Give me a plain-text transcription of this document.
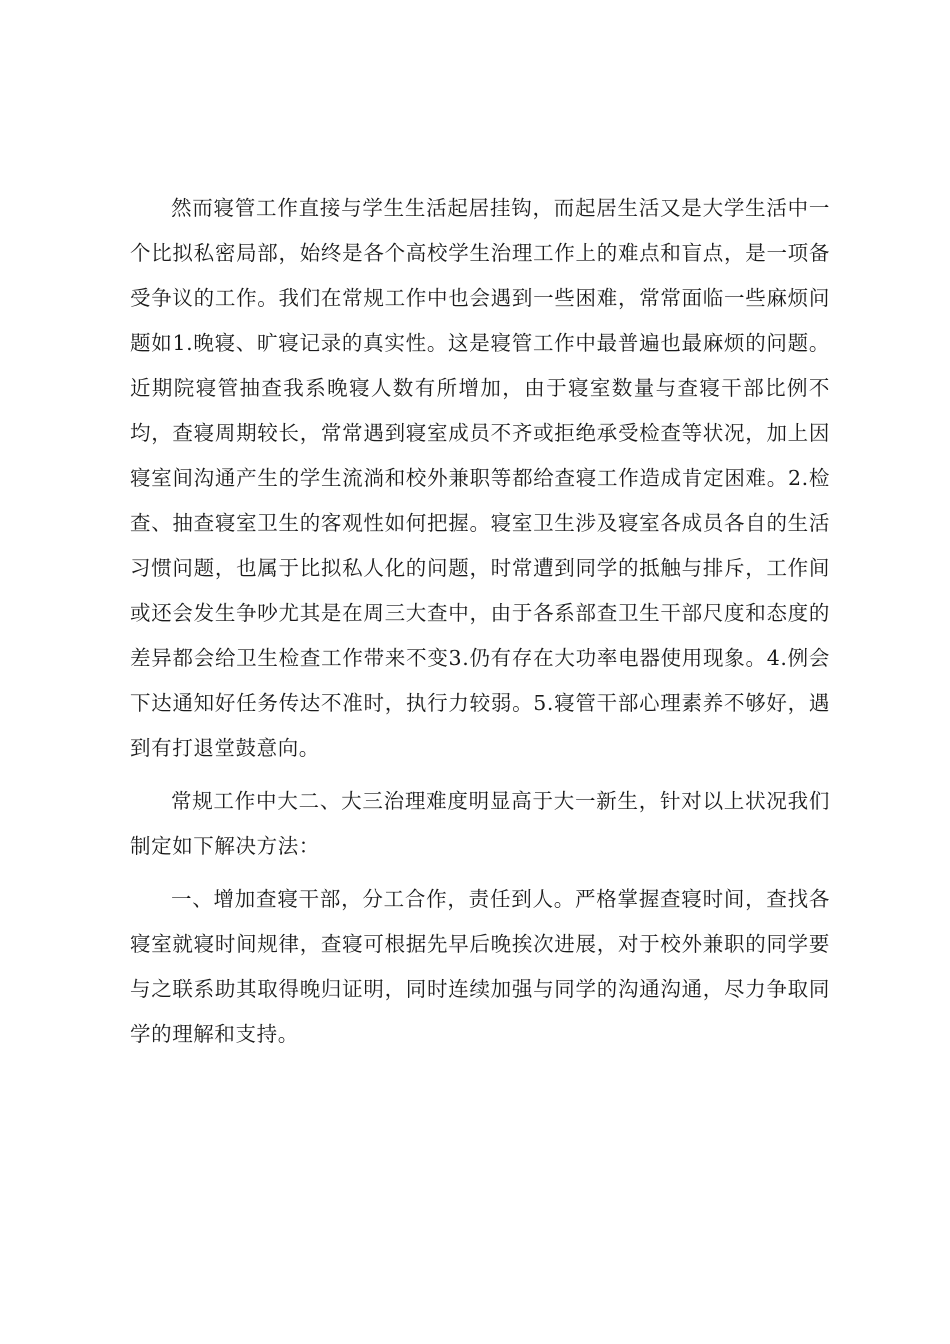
然而寝管工作直接与学生生活起居挂钩，而起居生活又是大学生活中一个比拟私密局部，始终是各个高校学生治理工作上的难点和盲点，是一项备受争议的工作。我们在常规工作中也会遇到一些困难，常常面临一些麻烦问题如1.晚寝、旷寝记录的真实性。这是寝管工作中最普遍也最麻烦的问题。近期院寝管抽查我系晚寝人数有所增加，由于寝室数量与查寝干部比例不均，查寝周期较长，常常遇到寝室成员不齐或拒绝承受检查等状况，加上因寝室间沟通产生的学生流淌和校外兼职等都给查寝工作造成肯定困难。2.检查、抽查寝室卫生的客观性如何把握。寝室卫生涉及寝室各成员各自的生活习惯问题，也属于比拟私人化的问题，时常遭到同学的抵触与排斥，工作间或还会发生争吵尤其是在周三大查中，由于各系部查卫生干部尺度和态度的差异都会给卫生检查工作带来不变3.仍有存在大功率电器使用现象。4.例会下达通知好任务传达不准时，执行力较弱。5.寝管干部心理素养不够好，遇到有打退堂鼓意向。

常规工作中大二、大三治理难度明显高于大一新生，针对以上状况我们制定如下解决方法：

一、增加查寝干部，分工合作，责任到人。严格掌握查寝时间，查找各寝室就寝时间规律，查寝可根据先早后晚挨次进展，对于校外兼职的同学要与之联系助其取得晚归证明，同时连续加强与同学的沟通沟通，尽力争取同学的理解和支持。
